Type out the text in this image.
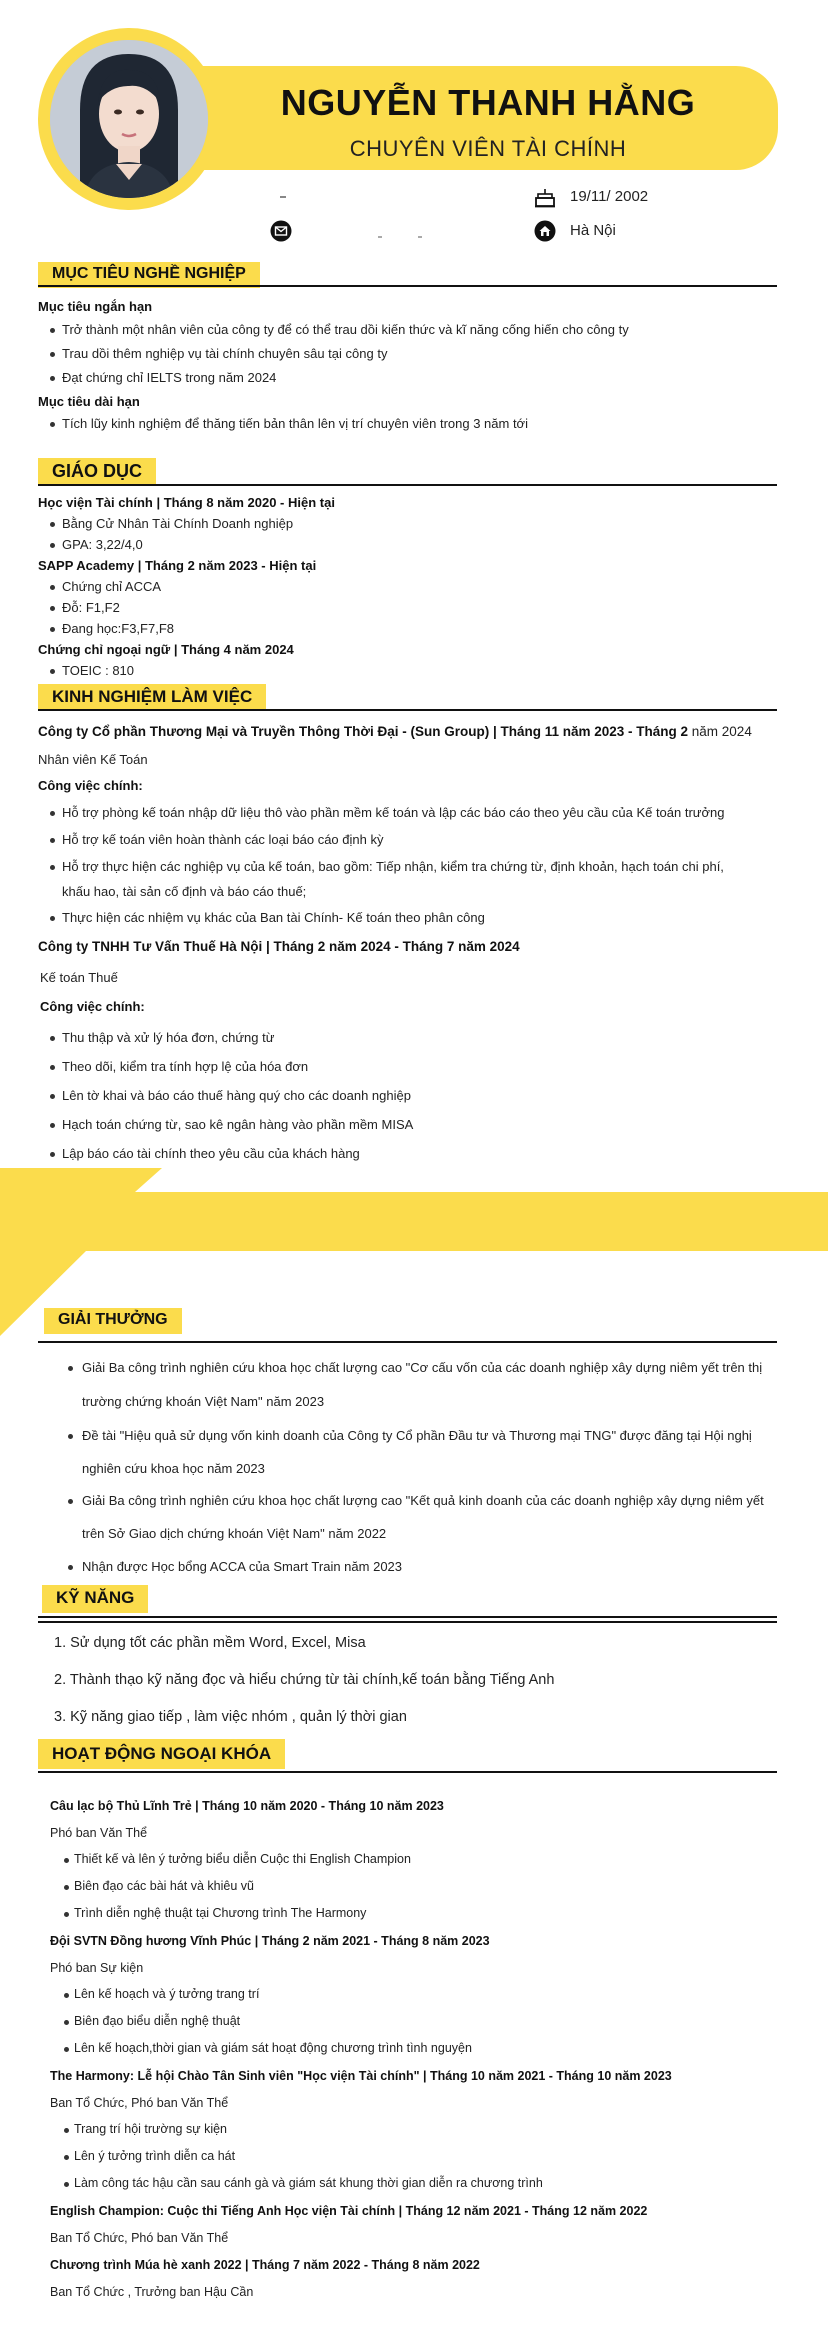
NGUYỄN THANH HẰNG
CHUYÊN VIÊN TÀI CHÍNH
19/11/ 2002
Hà Nội
MỤC TIÊU NGHỀ NGHIỆP
Mục tiêu ngắn hạn
Trở thành một nhân viên của công ty để có thể trau dồi kiến thức và kĩ năng cống hiến cho công ty
Trau dồi thêm nghiệp vụ tài chính chuyên sâu tại công ty
Đạt chứng chỉ IELTS trong năm 2024
Mục tiêu dài hạn
Tích lũy kinh nghiệm để thăng tiến bản thân lên vị trí chuyên viên trong 3 năm tới
GIÁO DỤC
Học viện Tài chính | Tháng 8 năm 2020 - Hiện tại
Bằng Cử Nhân Tài Chính Doanh nghiệp
GPA: 3,22/4,0
SAPP Academy | Tháng 2 năm 2023 - Hiện tại
Chứng chỉ ACCA
Đỗ: F1,F2
Đang học:F3,F7,F8
Chứng chỉ ngoại ngữ | Tháng 4 năm 2024
TOEIC : 810
KINH NGHIỆM LÀM VIỆC
Công ty Cổ phần Thương Mại và Truyền Thông Thời Đại - (Sun Group) | Tháng 11 năm 2023 - Tháng 2 năm 2024
Nhân viên Kế Toán
Công việc chính:
Hỗ trợ phòng kế toán nhập dữ liệu thô vào phần mềm kế toán và lập các báo cáo theo yêu cầu của Kế toán trưởng
Hỗ trợ kế toán viên hoàn thành các loại báo cáo định kỳ
Hỗ trợ thực hiện các nghiệp vụ của kế toán, bao gồm: Tiếp nhận, kiểm tra chứng từ, định khoản, hạch toán chi phí,
khấu hao, tài sản cố định và báo cáo thuế;
Thực hiện các nhiệm vụ khác của Ban tài Chính- Kế toán theo phân công
Công ty TNHH Tư Vấn Thuế Hà Nội | Tháng 2 năm 2024 - Tháng 7 năm 2024
Kế toán Thuế
Công việc chính:
Thu thập và xử lý hóa đơn, chứng từ
Theo dõi, kiểm tra tính hợp lệ của hóa đơn
Lên tờ khai và báo cáo thuế hàng quý cho các doanh nghiệp
Hạch toán chứng từ, sao kê ngân hàng vào phần mềm MISA
Lập báo cáo tài chính theo yêu cầu của khách hàng
GIẢI THƯỞNG
Giải Ba công trình nghiên cứu khoa học chất lượng cao "Cơ cấu vốn của các doanh nghiệp xây dựng niêm yết trên thị
trường chứng khoán Việt Nam" năm 2023
Đề tài "Hiệu quả sử dụng vốn kinh doanh của Công ty Cổ phần Đầu tư và Thương mại TNG" được đăng tại Hội nghị
nghiên cứu khoa học năm 2023
Giải Ba công trình nghiên cứu khoa học chất lượng cao "Kết quả kinh doanh của các doanh nghiệp xây dựng niêm yết
trên Sở Giao dịch chứng khoán Việt Nam" năm 2022
Nhận được Học bổng ACCA của Smart Train năm 2023
KỸ NĂNG
1. Sử dụng tốt các phần mềm Word, Excel, Misa
2. Thành thạo kỹ năng đọc và hiểu chứng từ tài chính,kế toán bằng Tiếng Anh
3. Kỹ năng giao tiếp , làm việc nhóm , quản lý thời gian
HOẠT ĐỘNG NGOẠI KHÓA
Câu lạc bộ Thủ Lĩnh Trẻ | Tháng 10 năm 2020 - Tháng 10 năm 2023
Phó ban Văn Thể
Thiết kế và lên ý tưởng biểu diễn Cuộc thi English Champion
Biên đạo các bài hát và khiêu vũ
Trình diễn nghệ thuật tại Chương trình The Harmony
Đội SVTN Đồng hương Vĩnh Phúc | Tháng 2 năm 2021 - Tháng 8 năm 2023
Phó ban Sự kiện
Lên kế hoạch và ý tưởng trang trí
Biên đạo biểu diễn nghệ thuật
Lên kế hoạch,thời gian và giám sát hoạt động chương trình tình nguyện
The Harmony: Lễ hội Chào Tân Sinh viên "Học viện Tài chính" | Tháng 10 năm 2021 - Tháng 10 năm 2023
Ban Tổ Chức, Phó ban Văn Thể
Trang trí hội trường sự kiện
Lên ý tưởng trình diễn ca hát
Làm công tác hậu cần sau cánh gà và giám sát khung thời gian diễn ra chương trình
English Champion: Cuộc thi Tiếng Anh Học viện Tài chính | Tháng 12 năm 2021 - Tháng 12 năm 2022
Ban Tổ Chức, Phó ban Văn Thể
Chương trình Múa hè xanh 2022 | Tháng 7 năm 2022 - Tháng 8 năm 2022
Ban Tổ Chức , Trưởng ban Hậu Cần
